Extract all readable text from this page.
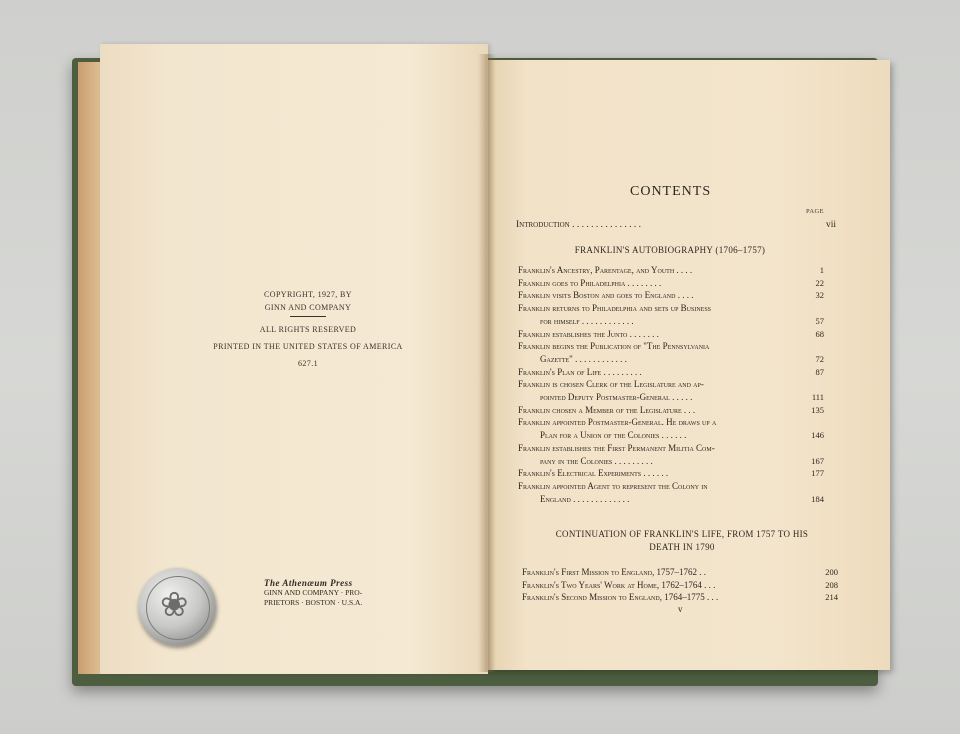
COPYRIGHT, 1927, BY
GINN AND COMPANY
ALL RIGHTS RESERVED
PRINTED IN THE UNITED STATES OF AMERICA
627.1
The Athenæum Press
GINN AND COMPANY · PRO-
PRIETORS · BOSTON · U.S.A.
❀
CONTENTS
PAGE
Introduction . . . . . . . . . . . . . . .	vii
FRANKLIN'S AUTOBIOGRAPHY (1706–1757)
Franklin's Ancestry, Parentage, and Youth . . . .	1
Franklin goes to Philadelphia . . . . . . . .	22
Franklin visits Boston and goes to England . . . .	32
Franklin returns to Philadelphia and sets up Business
for himself . . . . . . . . . . . .	57
Franklin establishes the Junto . . . . . . .	68
Franklin begins the Publication of "The Pennsylvania
Gazette" . . . . . . . . . . . .	72
Franklin's Plan of Life . . . . . . . . .	87
Franklin is chosen Clerk of the Legislature and ap-
pointed Deputy Postmaster-General . . . . .	111
Franklin chosen a Member of the Legislature . . .	135
Franklin appointed Postmaster-General. He draws up a
Plan for a Union of the Colonies . . . . . .	146
Franklin establishes the First Permanent Militia Com-
pany in the Colonies . . . . . . . . .	167
Franklin's Electrical Experiments . . . . . .	177
Franklin appointed Agent to represent the Colony in
England . . . . . . . . . . . . .	184
CONTINUATION OF FRANKLIN'S LIFE, FROM 1757 TO HIS
DEATH IN 1790
Franklin's First Mission to England, 1757–1762 . .	200
Franklin's Two Years' Work at Home, 1762–1764 . . .	208
Franklin's Second Mission to England, 1764–1775 . . .	214
v
